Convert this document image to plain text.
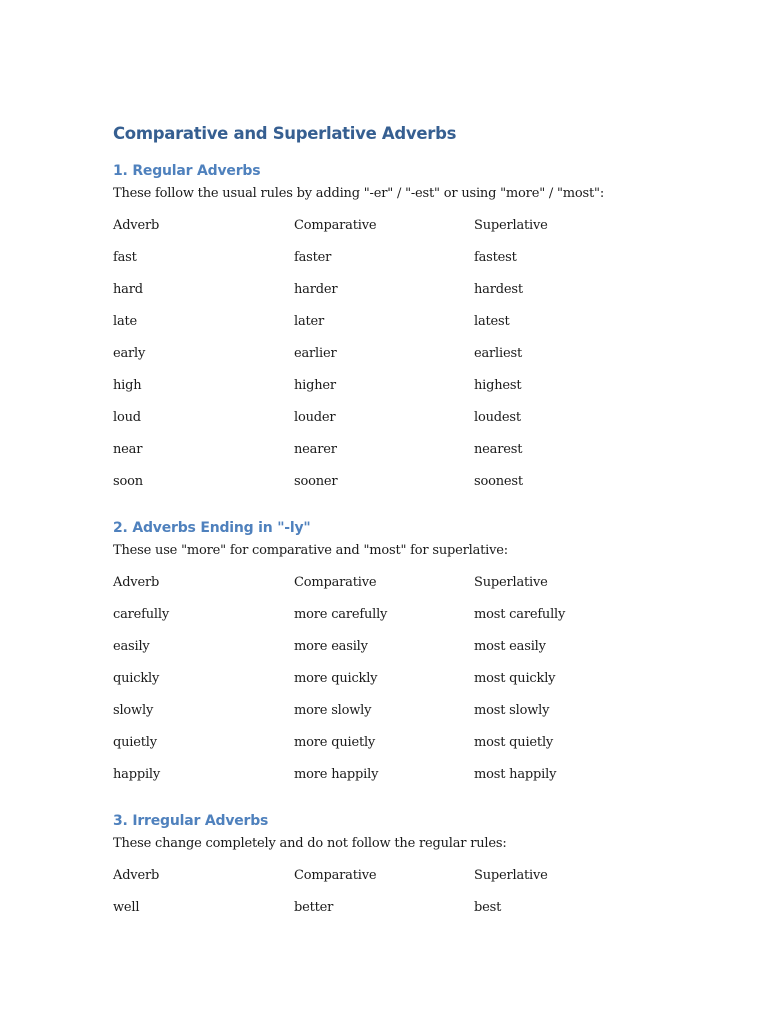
Comparative and Superlative Adverbs
1. Regular Adverbs
These follow the usual rules by adding "-er" / "-est" or using "more" / "most":
Adverb	Comparative	Superlative
fast	faster	fastest
hard	harder	hardest
late	later	latest
early	earlier	earliest
high	higher	highest
loud	louder	loudest
near	nearer	nearest
soon	sooner	soonest
2. Adverbs Ending in "-ly"
These use "more" for comparative and "most" for superlative:
Adverb	Comparative	Superlative
carefully	more carefully	most carefully
easily	more easily	most easily
quickly	more quickly	most quickly
slowly	more slowly	most slowly
quietly	more quietly	most quietly
happily	more happily	most happily
3. Irregular Adverbs
These change completely and do not follow the regular rules:
Adverb	Comparative	Superlative
well	better	best
